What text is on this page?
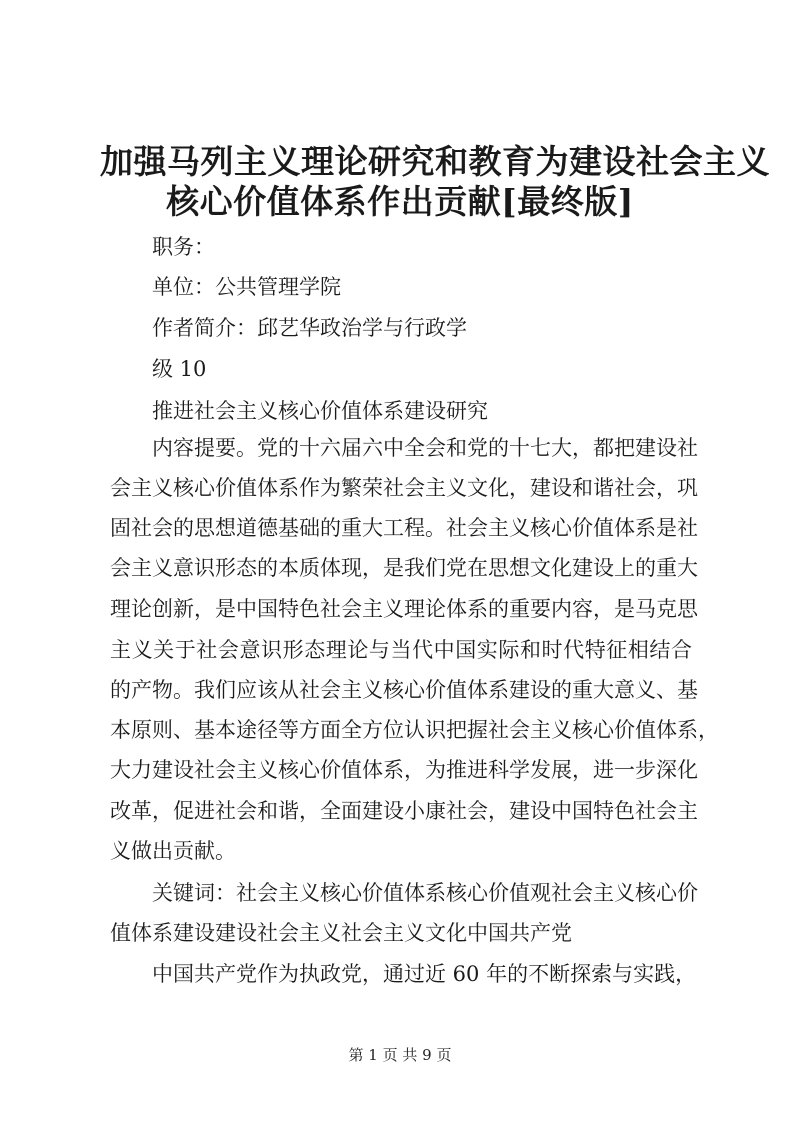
加强马列主义理论研究和教育为建设社会主义
核心价值体系作出贡献[最终版]
职务：
单位：公共管理学院
作者简介：邱艺华政治学与行政学
级 10
推进社会主义核心价值体系建设研究
内容提要。党的十六届六中全会和党的十七大，都把建设社
会主义核心价值体系作为繁荣社会主义文化，建设和谐社会，巩
固社会的思想道德基础的重大工程。社会主义核心价值体系是社
会主义意识形态的本质体现，是我们党在思想文化建设上的重大
理论创新，是中国特色社会主义理论体系的重要内容，是马克思
主义关于社会意识形态理论与当代中国实际和时代特征相结合
的产物。我们应该从社会主义核心价值体系建设的重大意义、基
本原则、基本途径等方面全方位认识把握社会主义核心价值体系，
大力建设社会主义核心价值体系，为推进科学发展，进一步深化
改革，促进社会和谐，全面建设小康社会，建设中国特色社会主
义做出贡献。
关键词：社会主义核心价值体系核心价值观社会主义核心价
值体系建设建设社会主义社会主义文化中国共产党
中国共产党作为执政党，通过近 60 年的不断探索与实践，
第 1 页 共 9 页
